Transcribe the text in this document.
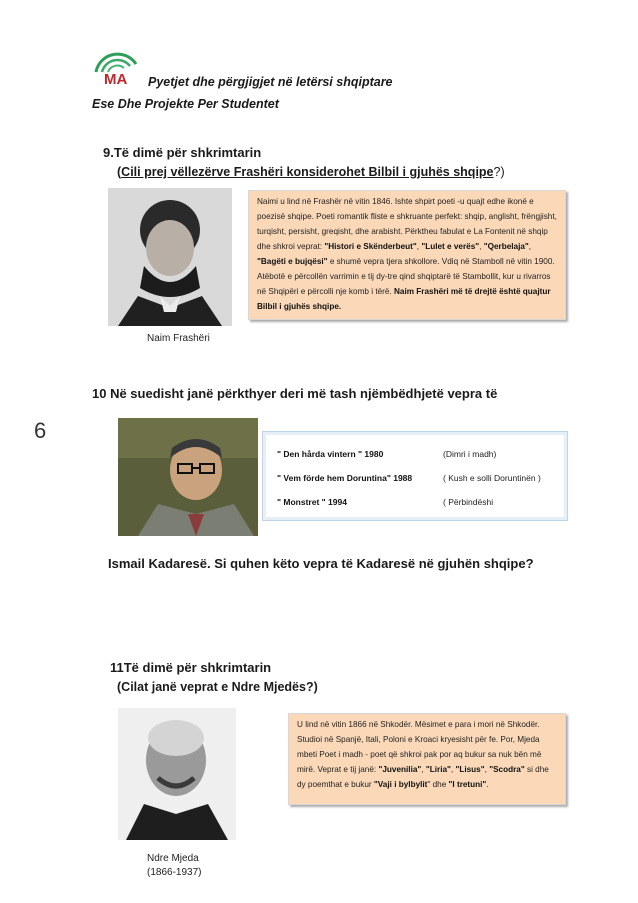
MA Pyetjet dhe përgjigjet në letërsi shqiptare
Ese Dhe Projekte Per Studentet
9.Të dimë për shkrimtarin
(Cili prej vëllezërve Frashëri konsiderohet Bilbil i gjuhës shqipe?)
Naimi u lind në Frashër në vitin 1846. Ishte shpirt poeti -u quajt edhe ikonë e poezisë shqipe. Poeti romantik fliste e shkruante perfekt: shqip, anglisht, frëngjisht, turqisht, persisht, greqisht, dhe arabisht. Përktheu fabulat e La Fontenit në shqip dhe shkroi veprat: "Histori e Skënderbeut", "Lulet e verës", "Qerbelaja", "Bagëti e bujqësi" e shumë vepra tjera shkollore. Vdiq në Stamboll në vitin 1900. Atëbotë e përcollën varrimin e tij dy-tre qind shqiptarë të Stambollit, kur u rivarros në Shqipëri e përcolli nje komb i tërë. Naim Frashëri më të drejtë është quajtur Bilbil i gjuhës shqipe.
Naim Frashëri
10 Në suedisht janë përkthyer deri më tash njëmbëdhjetë vepra të
6
" Den hårda vintern " 1980	(Dimri i madh)
" Vem förde hem Doruntina" 1988	( Kush e solli Doruntinën )
" Monstret " 1994	( Përbindëshi
Ismail Kadaresë. Si quhen këto vepra të Kadaresë në gjuhën shqipe?
11Të dimë për shkrimtarin
(Cilat janë veprat e Ndre Mjedës?)
U lind në vitin 1866 në Shkodër. Mësimet e para i mori në Shkodër. Studioi në Spanjë, Itali, Poloni e Kroaci kryesisht për fe. Por, Mjeda mbeti Poet i madh - poet që shkroi pak por aq bukur sa nuk bën më mirë. Veprat e tij janë: "Juvenilia", "Liria", "Lisus", "Scodra" si dhe dy poemthat e bukur "Vaji i bylbylit" dhe "I tretuni".
Ndre Mjeda
(1866-1937)
